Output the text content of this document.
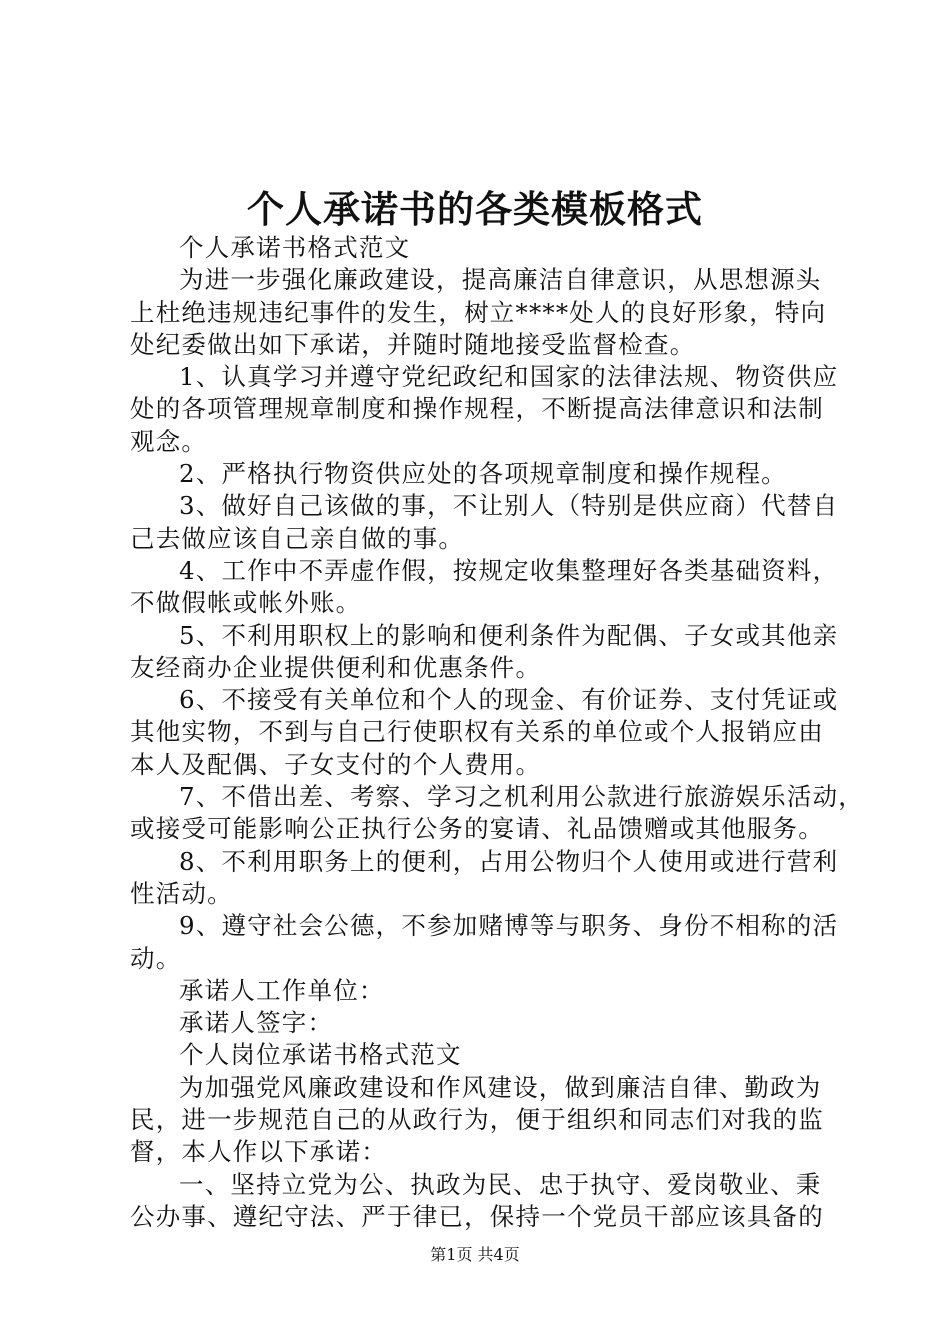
个人承诺书的各类模板格式

个人承诺书格式范文

为进一步强化廉政建设，提高廉洁自律意识，从思想源头

上杜绝违规违纪事件的发生，树立****处人的良好形象，特向

处纪委做出如下承诺，并随时随地接受监督检查。

1、认真学习并遵守党纪政纪和国家的法律法规、物资供应

处的各项管理规章制度和操作规程，不断提高法律意识和法制

观念。

2、严格执行物资供应处的各项规章制度和操作规程。

3、做好自己该做的事，不让别人（特别是供应商）代替自

己去做应该自己亲自做的事。

4、工作中不弄虚作假，按规定收集整理好各类基础资料，

不做假帐或帐外账。

5、不利用职权上的影响和便利条件为配偶、子女或其他亲

友经商办企业提供便利和优惠条件。

6、不接受有关单位和个人的现金、有价证券、支付凭证或

其他实物，不到与自己行使职权有关系的单位或个人报销应由

本人及配偶、子女支付的个人费用。

7、不借出差、考察、学习之机利用公款进行旅游娱乐活动，

或接受可能影响公正执行公务的宴请、礼品馈赠或其他服务。

8、不利用职务上的便利，占用公物归个人使用或进行营利

性活动。

9、遵守社会公德，不参加赌博等与职务、身份不相称的活

动。

承诺人工作单位：

承诺人签字：

个人岗位承诺书格式范文

为加强党风廉政建设和作风建设，做到廉洁自律、勤政为

民，进一步规范自己的从政行为，便于组织和同志们对我的监

督，本人作以下承诺：

一、坚持立党为公、执政为民、忠于执守、爱岗敬业、秉

公办事、遵纪守法、严于律已，保持一个党员干部应该具备的

第1页 共4页
